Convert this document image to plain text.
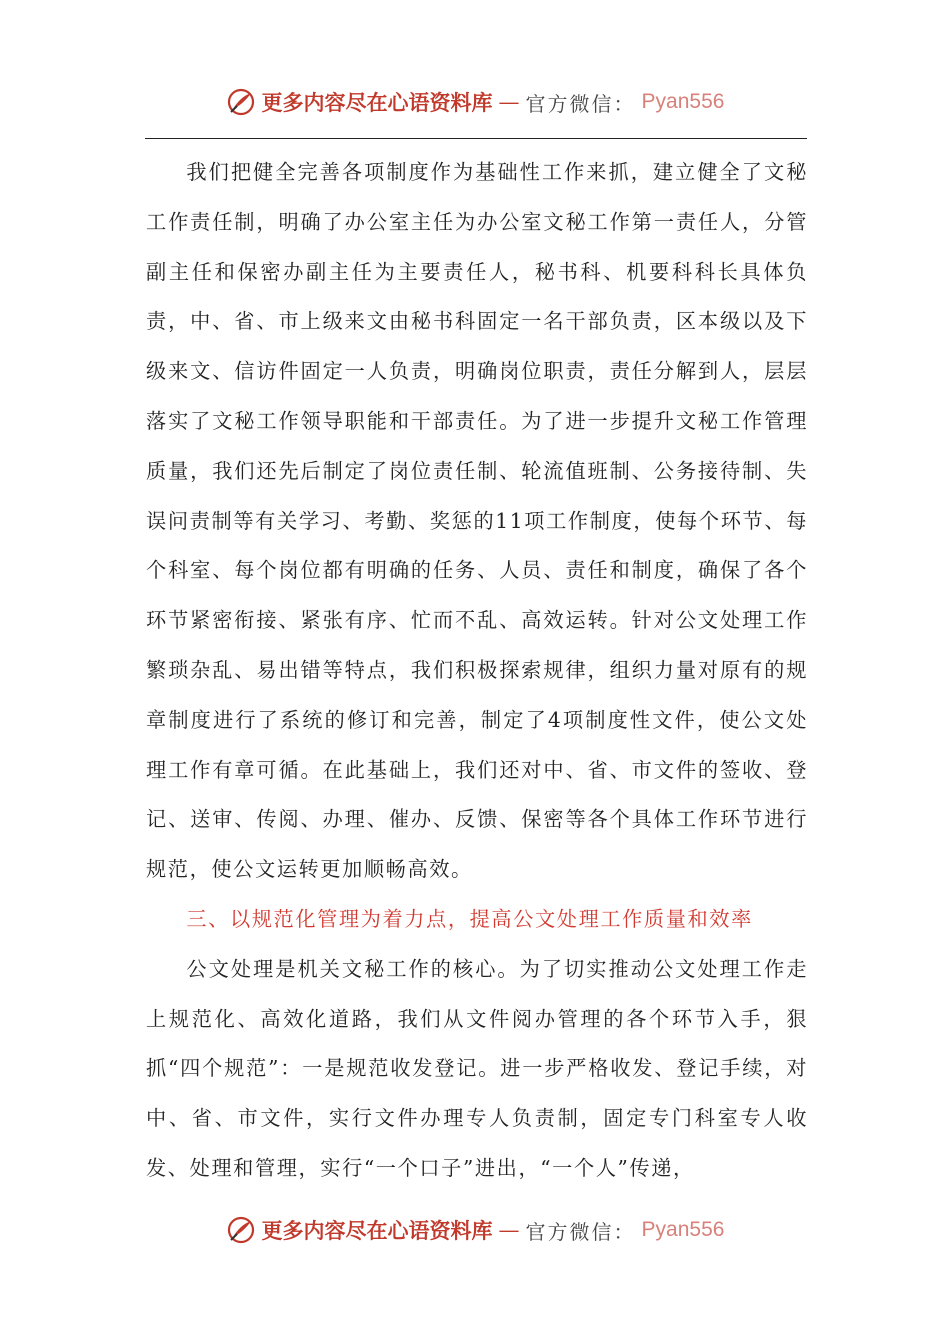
更多内容尽在心语资料库 — 官方微信： Pyan556

我们把健全完善各项制度作为基础性工作来抓，建立健全了文秘工作责任制，明确了办公室主任为办公室文秘工作第一责任人，分管副主任和保密办副主任为主要责任人，秘书科、机要科科长具体负责，中、省、市上级来文由秘书科固定一名干部负责，区本级以及下级来文、信访件固定一人负责，明确岗位职责，责任分解到人，层层落实了文秘工作领导职能和干部责任。为了进一步提升文秘工作管理质量，我们还先后制定了岗位责任制、轮流值班制、公务接待制、失误问责制等有关学习、考勤、奖惩的11项工作制度，使每个环节、每个科室、每个岗位都有明确的任务、人员、责任和制度，确保了各个环节紧密衔接、紧张有序、忙而不乱、高效运转。针对公文处理工作繁琐杂乱、易出错等特点，我们积极探索规律，组织力量对原有的规章制度进行了系统的修订和完善，制定了4项制度性文件，使公文处理工作有章可循。在此基础上，我们还对中、省、市文件的签收、登记、送审、传阅、办理、催办、反馈、保密等各个具体工作环节进行规范，使公文运转更加顺畅高效。

三、以规范化管理为着力点，提高公文处理工作质量和效率

公文处理是机关文秘工作的核心。为了切实推动公文处理工作走上规范化、高效化道路，我们从文件阅办管理的各个环节入手，狠抓“四个规范”：一是规范收发登记。进一步严格收发、登记手续，对中、省、市文件，实行文件办理专人负责制，固定专门科室专人收发、处理和管理，实行“一个口子”进出，“一个人”传递，

更多内容尽在心语资料库 — 官方微信： Pyan556
